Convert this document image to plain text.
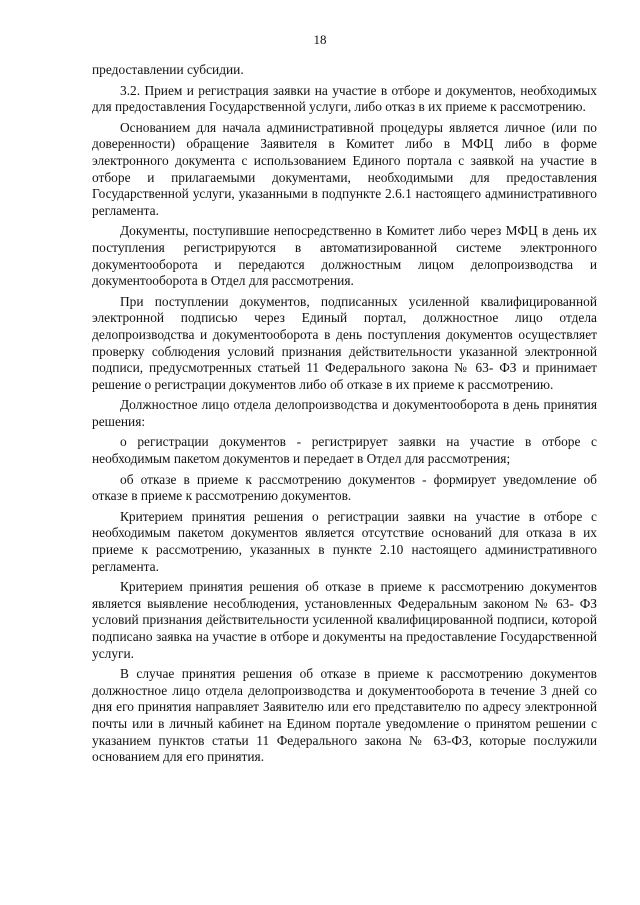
18

предоставлении субсидии.

3.2. Прием и регистрация заявки на участие в отборе и документов, необходимых для предоставления Государственной услуги, либо отказ в их приеме к рассмотрению.

Основанием для начала административной процедуры является личное (или по доверенности) обращение Заявителя в Комитет либо в МФЦ либо в форме электронного документа с использованием Единого портала с заявкой на участие в отборе и прилагаемыми документами, необходимыми для предоставления Государственной услуги, указанными в подпункте 2.6.1 настоящего административного регламента.

Документы, поступившие непосредственно в Комитет либо через МФЦ в день их поступления регистрируются в автоматизированной системе электронного документооборота и передаются должностным лицом делопроизводства и документооборота в Отдел для рассмотрения.

При поступлении документов, подписанных усиленной квалифицированной электронной подписью через Единый портал, должностное лицо отдела делопроизводства и документооборота в день поступления документов осуществляет проверку соблюдения условий признания действительности указанной электронной подписи, предусмотренных статьей 11 Федерального закона № 63- ФЗ и принимает решение о регистрации документов либо об отказе в их приеме к рассмотрению.

Должностное лицо отдела делопроизводства и документооборота в день принятия решения:

о регистрации документов - регистрирует заявки на участие в отборе с необходимым пакетом документов и передает в Отдел для рассмотрения;

об отказе в приеме к рассмотрению документов - формирует уведомление об отказе в приеме к рассмотрению документов.

Критерием принятия решения о регистрации заявки на участие в отборе с необходимым пакетом документов является отсутствие оснований для отказа в их приеме к рассмотрению, указанных в пункте 2.10 настоящего административного регламента.

Критерием принятия решения об отказе в приеме к рассмотрению документов является выявление несоблюдения, установленных Федеральным законом № 63- ФЗ условий признания действительности усиленной квалифицированной подписи, которой подписано заявка на участие в отборе и документы на предоставление Государственной услуги.

В случае принятия решения об отказе в приеме к рассмотрению документов должностное лицо отдела делопроизводства и документооборота в течение 3 дней со дня его принятия направляет Заявителю или его представителю по адресу электронной почты или в личный кабинет на Едином портале уведомление о принятом решении с указанием пунктов статьи 11 Федерального закона № 63-ФЗ, которые послужили основанием для его принятия.
